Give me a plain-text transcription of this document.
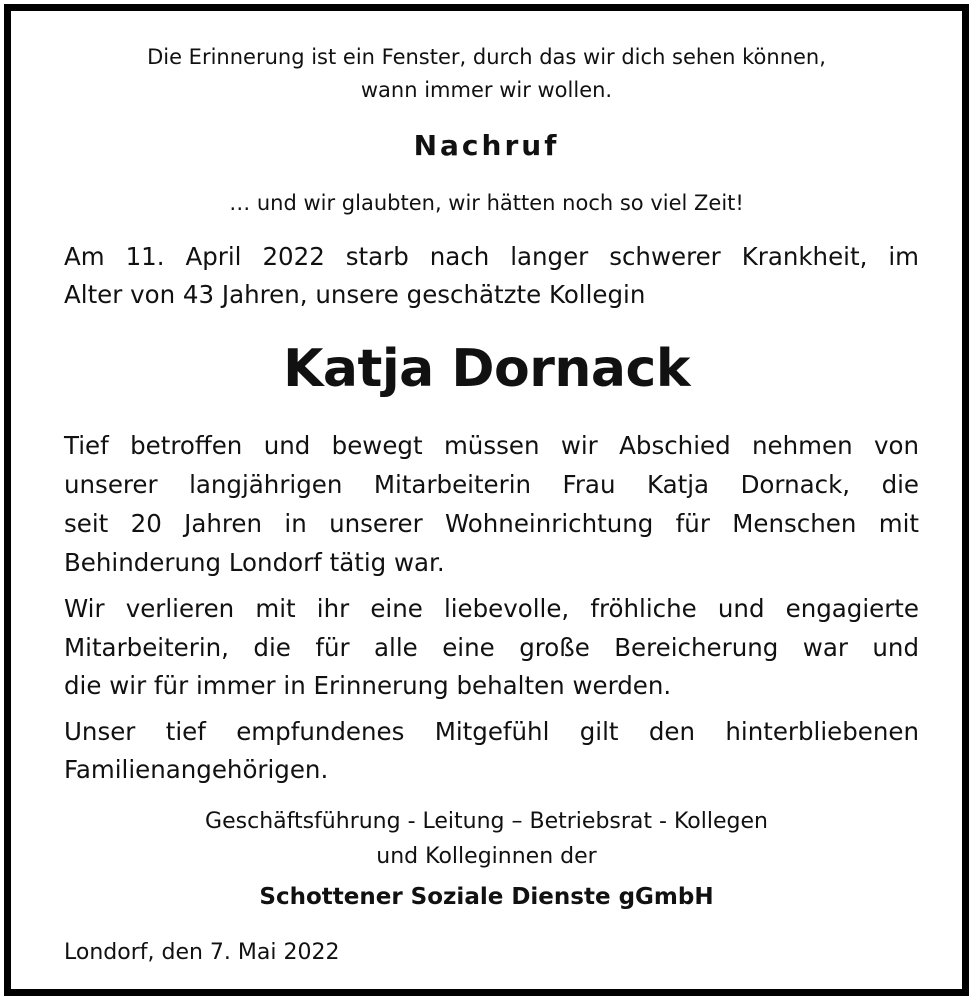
Die Erinnerung ist ein Fenster, durch das wir dich sehen können,
wann immer wir wollen.
Nachruf
… und wir glaubten, wir hätten noch so viel Zeit!
Am 11. April 2022 starb nach langer schwerer Krankheit, im
Alter von 43 Jahren, unsere geschätzte Kollegin
Katja Dornack
Tief betroffen und bewegt müssen wir Abschied nehmen von
unserer langjährigen Mitarbeiterin Frau Katja Dornack, die
seit 20 Jahren in unserer Wohneinrichtung für Menschen mit
Behinderung Londorf tätig war.
Wir verlieren mit ihr eine liebevolle, fröhliche und engagierte
Mitarbeiterin, die für alle eine große Bereicherung war und
die wir für immer in Erinnerung behalten werden.
Unser tief empfundenes Mitgefühl gilt den hinterbliebenen
Familienangehörigen.
Geschäftsführung - Leitung – Betriebsrat - Kollegen
und Kolleginnen der
Schottener Soziale Dienste gGmbH
Londorf, den 7. Mai 2022
